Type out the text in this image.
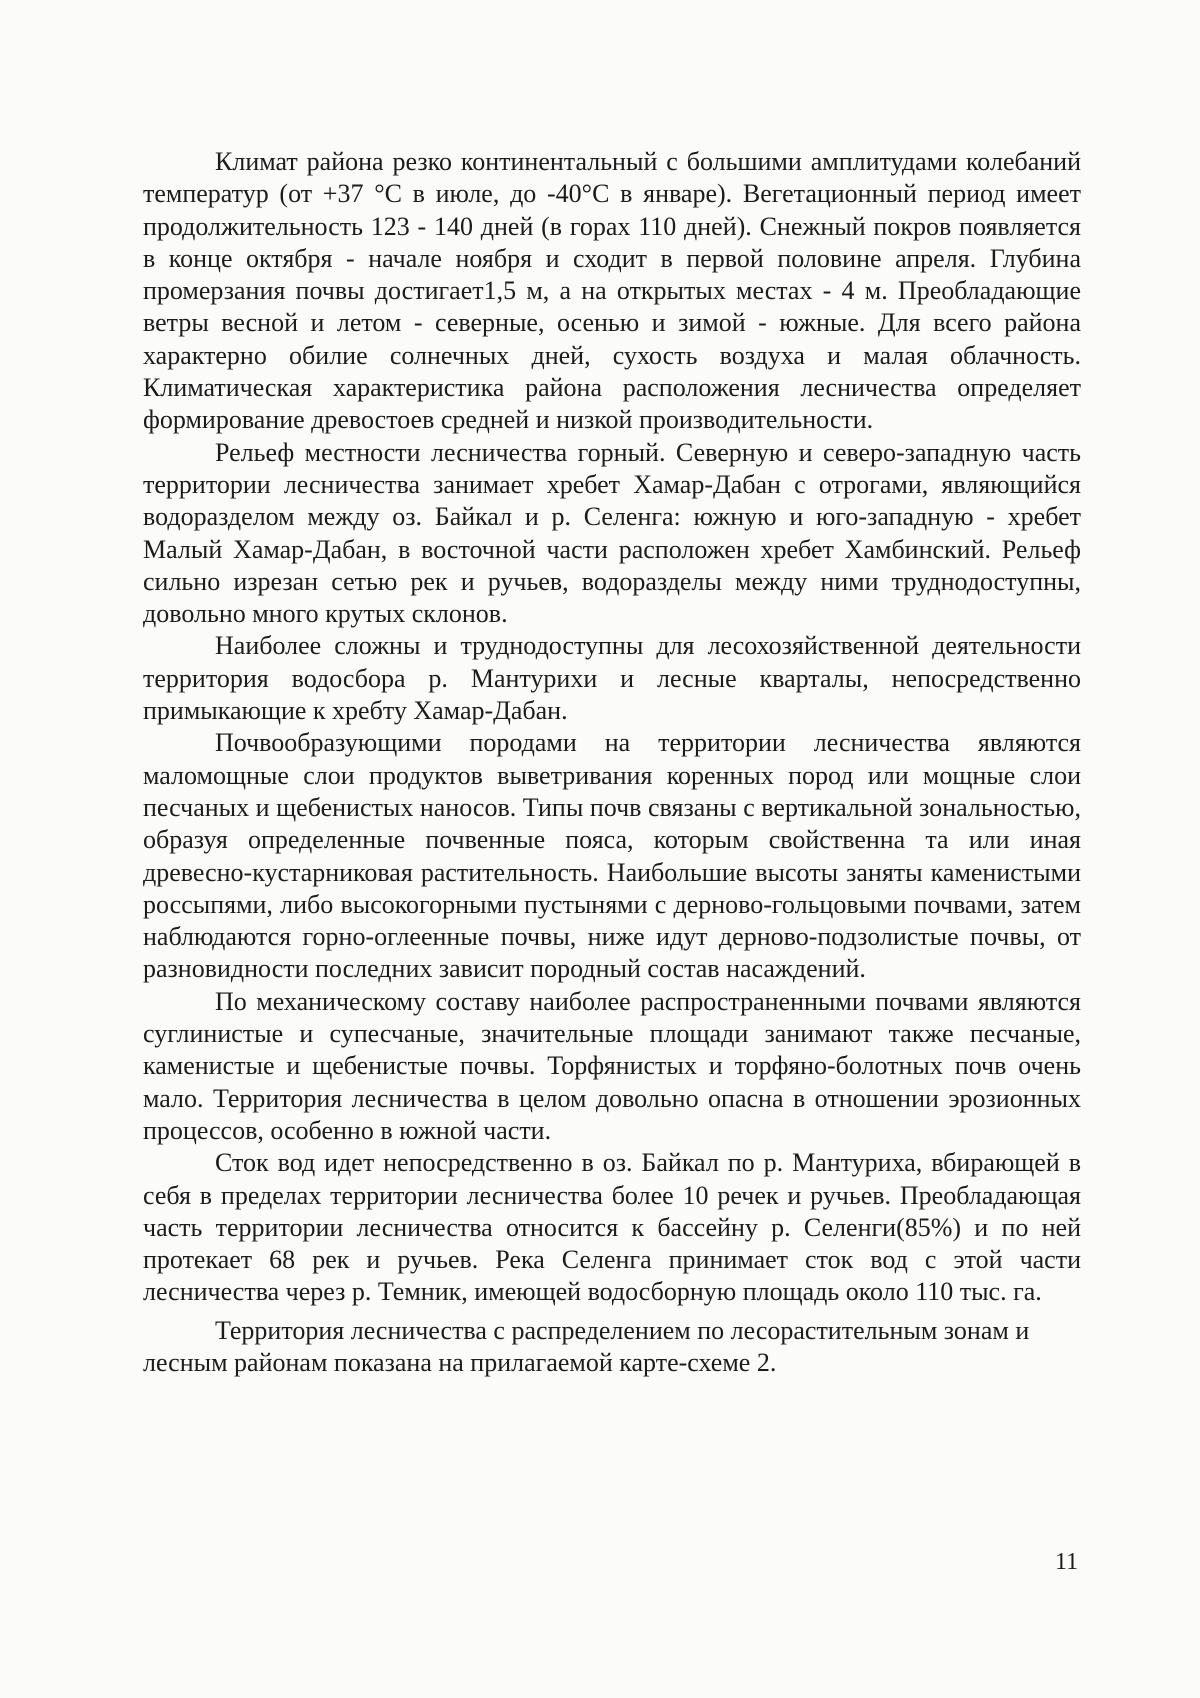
Климат района резко континентальный с большими амплитудами колебаний температур (от +37 °С в июле, до -40°С в январе). Вегетационный период имеет продолжительность 123 - 140 дней (в горах 110 дней). Снежный покров появляется в конце октября - начале ноября и сходит в первой половине апреля. Глубина промерзания почвы достигает1,5 м, а на открытых местах - 4 м. Преобладающие ветры весной и летом - северные, осенью и зимой - южные. Для всего района характерно обилие солнечных дней, сухость воздуха и малая облачность. Климатическая характеристика района расположения лесничества определяет формирование древостоев средней и низкой производительности.

Рельеф местности лесничества горный. Северную и северо-западную часть территории лесничества занимает хребет Хамар-Дабан с отрогами, являющийся водоразделом между оз. Байкал и р. Селенга: южную и юго-западную - хребет Малый Хамар-Дабан, в восточной части расположен хребет Хамбинский. Рельеф сильно изрезан сетью рек и ручьев, водоразделы между ними труднодоступны, довольно много крутых склонов.

Наиболее сложны и труднодоступны для лесохозяйственной деятельности территория водосбора р. Мантурихи и лесные кварталы, непосредственно примыкающие к хребту Хамар-Дабан.

Почвообразующими породами на территории лесничества являются маломощные слои продуктов выветривания коренных пород или мощные слои песчаных и щебенистых наносов. Типы почв связаны с вертикальной зональностью, образуя определенные почвенные пояса, которым свойственна та или иная древесно-кустарниковая растительность. Наибольшие высоты заняты каменистыми россыпями, либо высокогорными пустынями с дерново-гольцовыми почвами, затем наблюдаются горно-оглеенные почвы, ниже идут дерново-подзолистые почвы, от разновидности последних зависит породный состав насаждений.

По механическому составу наиболее распространенными почвами являются суглинистые и супесчаные, значительные площади занимают также песчаные, каменистые и щебенистые почвы. Торфянистых и торфяно-болотных почв очень мало. Территория лесничества в целом довольно опасна в отношении эрозионных процессов, особенно в южной части.

Сток вод идет непосредственно в оз. Байкал по р. Мантуриха, вбирающей в себя в пределах территории лесничества более 10 речек и ручьев. Преобладающая часть территории лесничества относится к бассейну р. Селенги(85%) и по ней протекает 68 рек и ручьев. Река Селенга принимает сток вод с этой части лесничества через р. Темник, имеющей водосборную площадь около 110 тыс. га.

Территория лесничества с распределением по лесорастительным зонам и лесным районам показана на прилагаемой карте-схеме 2.

11
